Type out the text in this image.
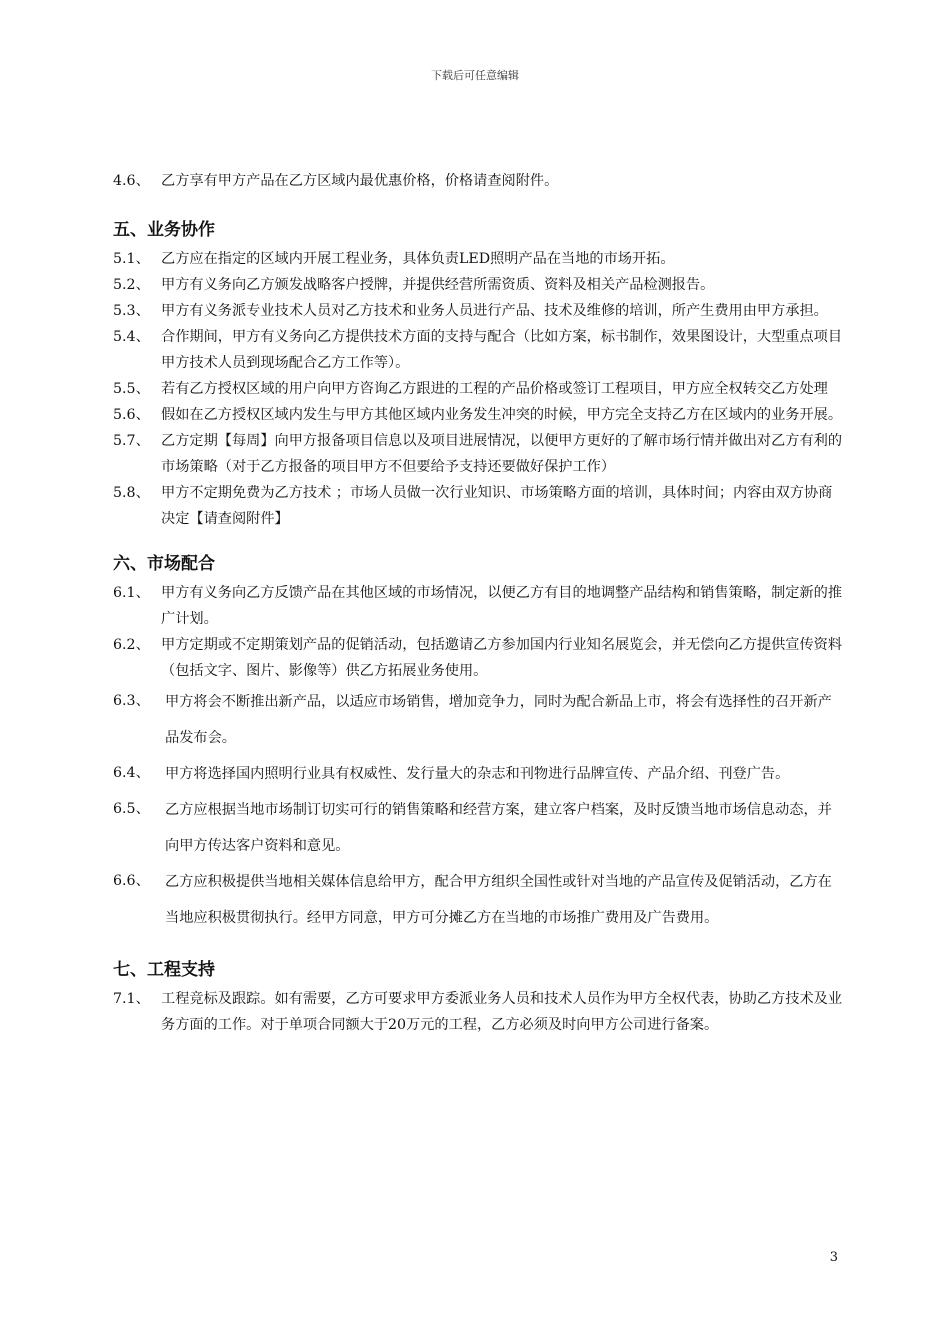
下载后可任意编辑
4.6、 乙方享有甲方产品在乙方区域内最优惠价格，价格请查阅附件。
五、业务协作
5.1、 乙方应在指定的区域内开展工程业务，具体负责LED照明产品在当地的市场开拓。
5.2、 甲方有义务向乙方颁发战略客户授牌，并提供经营所需资质、资料及相关产品检测报告。
5.3、 甲方有义务派专业技术人员对乙方技术和业务人员进行产品、技术及维修的培训，所产生费用由甲方承担。
5.4、 合作期间，甲方有义务向乙方提供技术方面的支持与配合（比如方案，标书制作，效果图设计，大型重点项目甲方技术人员到现场配合乙方工作等）。
5.5、 若有乙方授权区域的用户向甲方咨询乙方跟进的工程的产品价格或签订工程项目，甲方应全权转交乙方处理
5.6、 假如在乙方授权区域内发生与甲方其他区域内业务发生冲突的时候，甲方完全支持乙方在区域内的业务开展。
5.7、 乙方定期【每周】向甲方报备项目信息以及项目进展情况，以便甲方更好的了解市场行情并做出对乙方有利的市场策略（对于乙方报备的项目甲方不但要给予支持还要做好保护工作）
5.8、 甲方不定期免费为乙方技术 ；市场人员做一次行业知识、市场策略方面的培训，具体时间；内容由双方协商决定【请查阅附件】
六、市场配合
6.1、 甲方有义务向乙方反馈产品在其他区域的市场情况，以便乙方有目的地调整产品结构和销售策略，制定新的推广计划。
6.2、 甲方定期或不定期策划产品的促销活动，包括邀请乙方参加国内行业知名展览会，并无偿向乙方提供宣传资料（包括文字、图片、影像等）供乙方拓展业务使用。
6.3、 甲方将会不断推出新产品，以适应市场销售，增加竞争力，同时为配合新品上市，将会有选择性的召开新产品发布会。
6.4、 甲方将选择国内照明行业具有权威性、发行量大的杂志和刊物进行品牌宣传、产品介绍、刊登广告。
6.5、 乙方应根据当地市场制订切实可行的销售策略和经营方案，建立客户档案，及时反馈当地市场信息动态，并向甲方传达客户资料和意见。
6.6、 乙方应积极提供当地相关媒体信息给甲方，配合甲方组织全国性或针对当地的产品宣传及促销活动，乙方在当地应积极贯彻执行。经甲方同意，甲方可分摊乙方在当地的市场推广费用及广告费用。
七、工程支持
7.1、 工程竞标及跟踪。如有需要，乙方可要求甲方委派业务人员和技术人员作为甲方全权代表，协助乙方技术及业务方面的工作。对于单项合同额大于20万元的工程，乙方必须及时向甲方公司进行备案。
3
